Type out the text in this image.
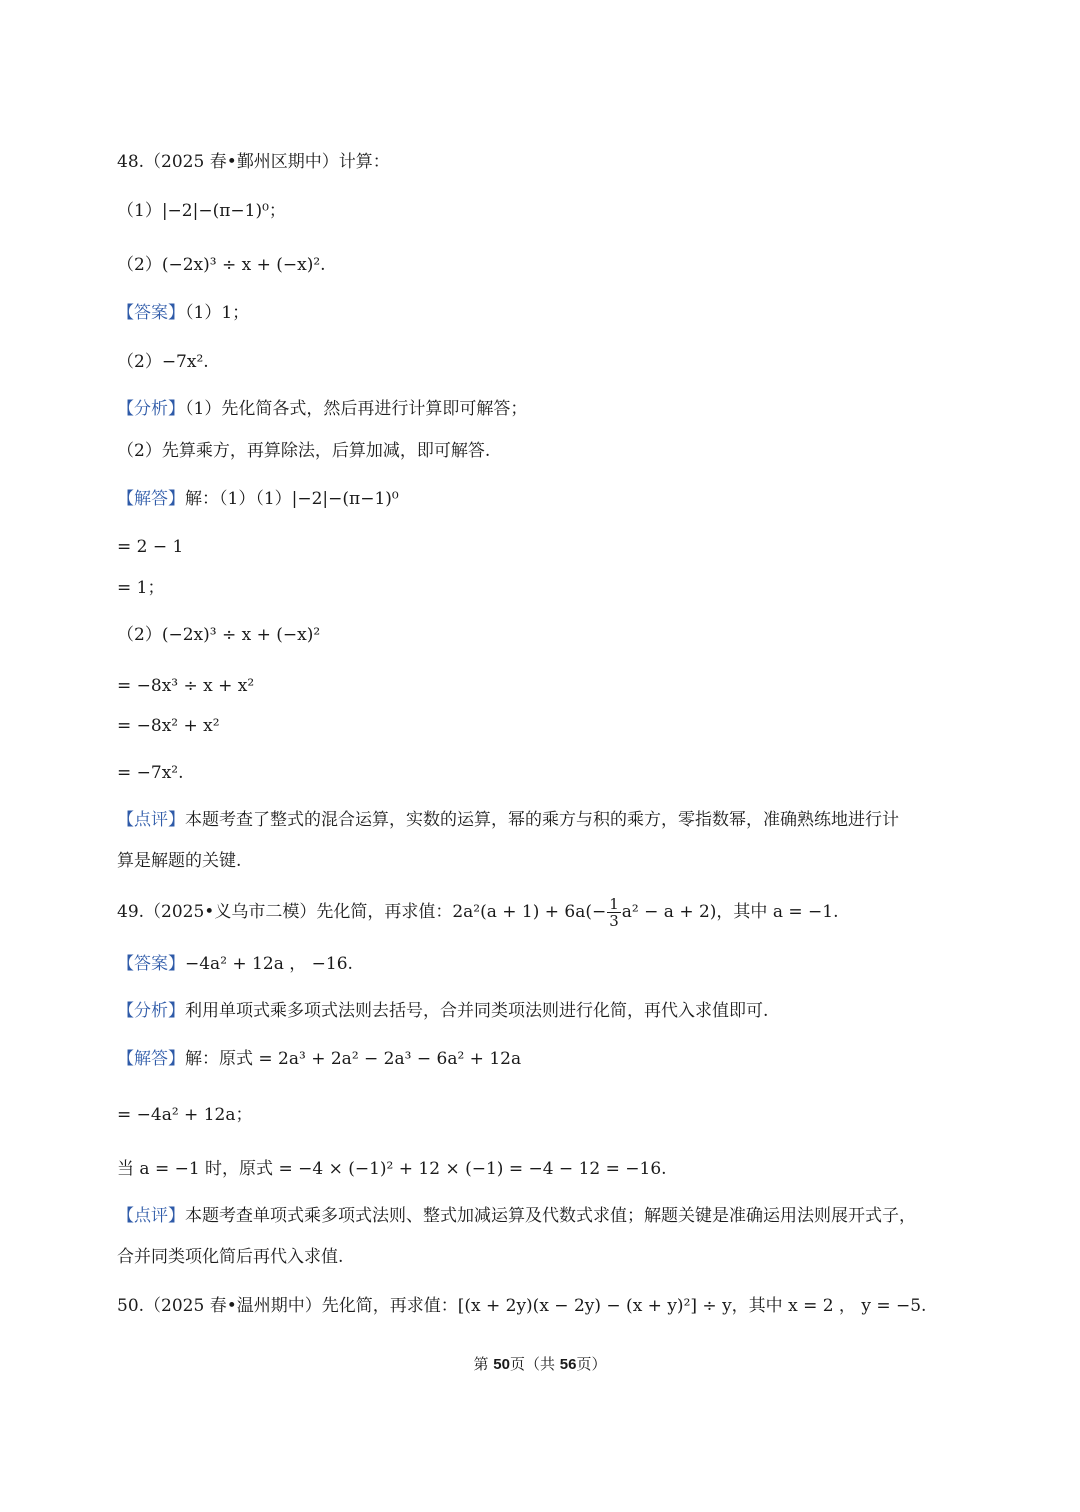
48.（2025 春•鄞州区期中）计算：
（1）|−2|−(π−1)⁰；
（2）(−2x)³ ÷ x + (−x)².
【答案】（1）1；
（2）−7x².
【分析】（1）先化简各式，然后再进行计算即可解答；
（2）先算乘方，再算除法，后算加减，即可解答.
【解答】解：（1）（1）|−2|−(π−1)⁰
= 2 − 1
= 1；
（2）(−2x)³ ÷ x + (−x)²
= −8x³ ÷ x + x²
= −8x² + x²
= −7x².
【点评】本题考查了整式的混合运算，实数的运算，幂的乘方与积的乘方，零指数幂，准确熟练地进行计
算是解题的关键.
49.（2025•义乌市二模）先化简，再求值：$2a^2(a + 1) + 6a(- \frac{1}{3} a^2 - a + 2)$，其中 a = −1.
【答案】−4a² + 12a ， −16.
【分析】利用单项式乘多项式法则去括号，合并同类项法则进行化简，再代入求值即可.
【解答】解：原式 = 2a³ + 2a² − 2a³ − 6a² + 12a
= −4a² + 12a；
当 a = −1 时，原式 = −4 × (−1)² + 12 × (−1) = −4 − 12 = −16.
【点评】本题考查单项式乘多项式法则、整式加减运算及代数式求值；解题关键是准确运用法则展开式子，
合并同类项化简后再代入求值.
50.（2025 春•温州期中）先化简，再求值：[(x + 2y)(x − 2y) − (x + y)²] ÷ y，其中 x = 2 ， y = −5.
第 50页（共 56页）
